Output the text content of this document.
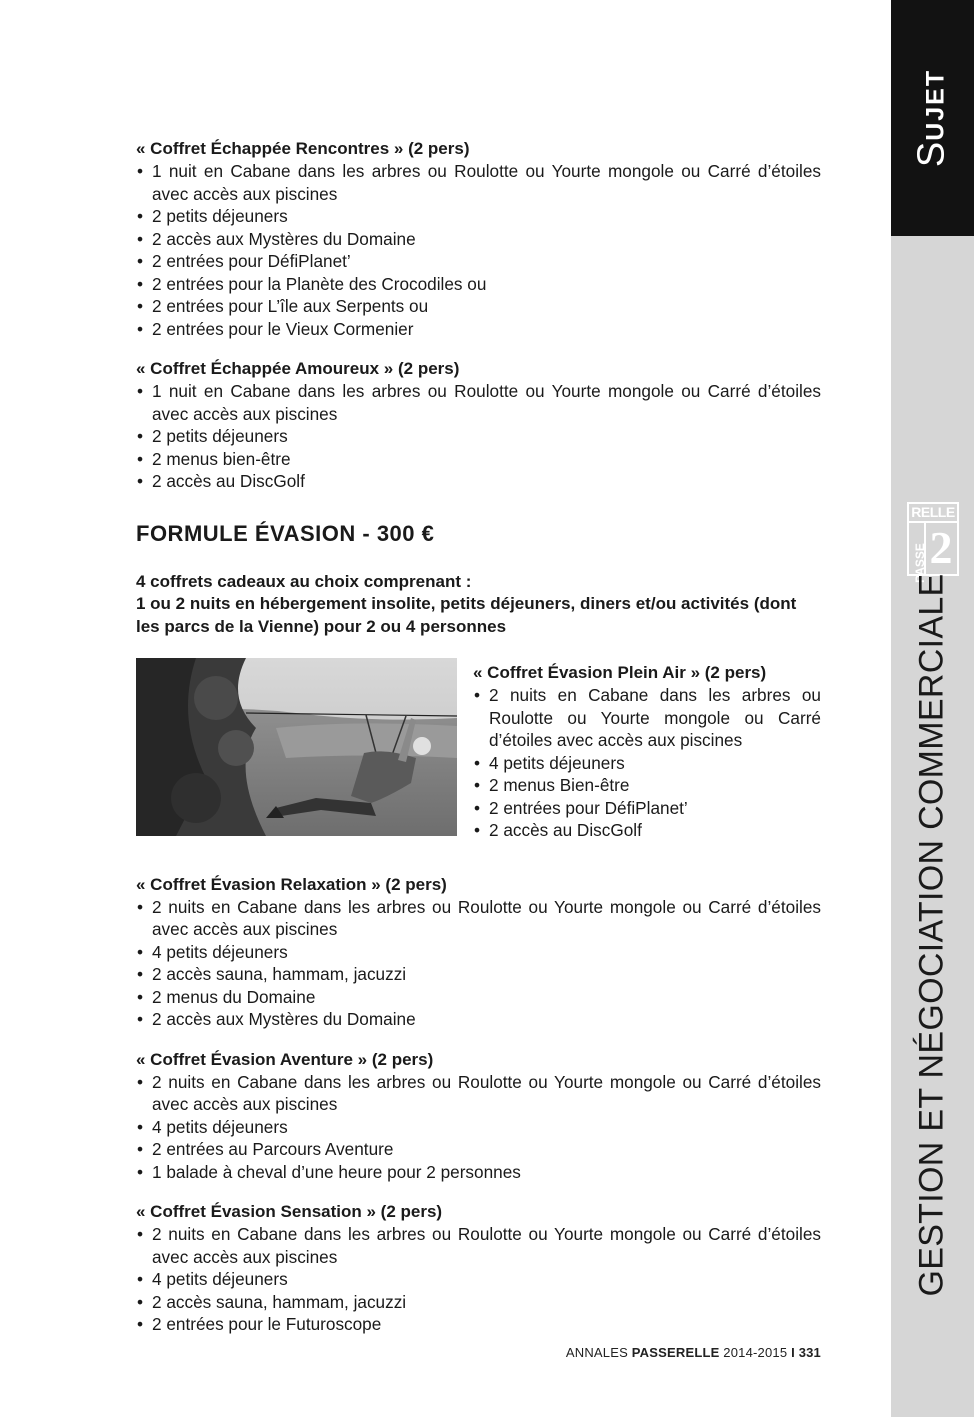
SUJET
RELLE
PASSE 2
GESTION ET NÉGOCIATION COMMERCIALE
« Coffret Échappée Rencontres » (2 pers)
• 1 nuit en Cabane dans les arbres ou Roulotte ou Yourte mongole ou Carré d’étoiles avec accès aux piscines
• 2 petits déjeuners
• 2 accès aux Mystères du Domaine
• 2 entrées pour DéfiPlanet’
• 2 entrées pour la Planète des Crocodiles ou
• 2 entrées pour L’île aux Serpents ou
• 2 entrées pour le Vieux Cormenier
« Coffret Échappée Amoureux » (2 pers)
• 1 nuit en Cabane dans les arbres ou Roulotte ou Yourte mongole ou Carré d’étoiles avec accès aux piscines
• 2 petits déjeuners
• 2 menus bien-être
• 2 accès au DiscGolf
FORMULE ÉVASION - 300 €

4 coffrets cadeaux au choix comprenant :

1 ou 2 nuits en hébergement insolite, petits déjeuners, diners et/ou activités (dont les parcs de la Vienne) pour 2 ou 4 personnes

« Coffret Évasion Plein Air » (2 pers)
• 2 nuits en Cabane dans les arbres ou Roulotte ou Yourte mongole ou Carré d’étoiles avec accès aux piscines
• 4 petits déjeuners
• 2 menus Bien-être
• 2 entrées pour DéfiPlanet’
• 2 accès au DiscGolf
« Coffret Évasion Relaxation » (2 pers)
• 2 nuits en Cabane dans les arbres ou Roulotte ou Yourte mongole ou Carré d’étoiles avec accès aux piscines
• 4 petits déjeuners
• 2 accès sauna, hammam, jacuzzi
• 2 menus du Domaine
• 2 accès aux Mystères du Domaine
« Coffret Évasion Aventure » (2 pers)
• 2 nuits en Cabane dans les arbres ou Roulotte ou Yourte mongole ou Carré d’étoiles avec accès aux piscines
• 4 petits déjeuners
• 2 entrées au Parcours Aventure
• 1 balade à cheval d’une heure pour 2 personnes
« Coffret Évasion Sensation » (2 pers)
• 2 nuits en Cabane dans les arbres ou Roulotte ou Yourte mongole ou Carré d’étoiles avec accès aux piscines
• 4 petits déjeuners
• 2 accès sauna, hammam, jacuzzi
• 2 entrées pour le Futuroscope
ANNALES PASSERELLE 2014-2015 I 331
